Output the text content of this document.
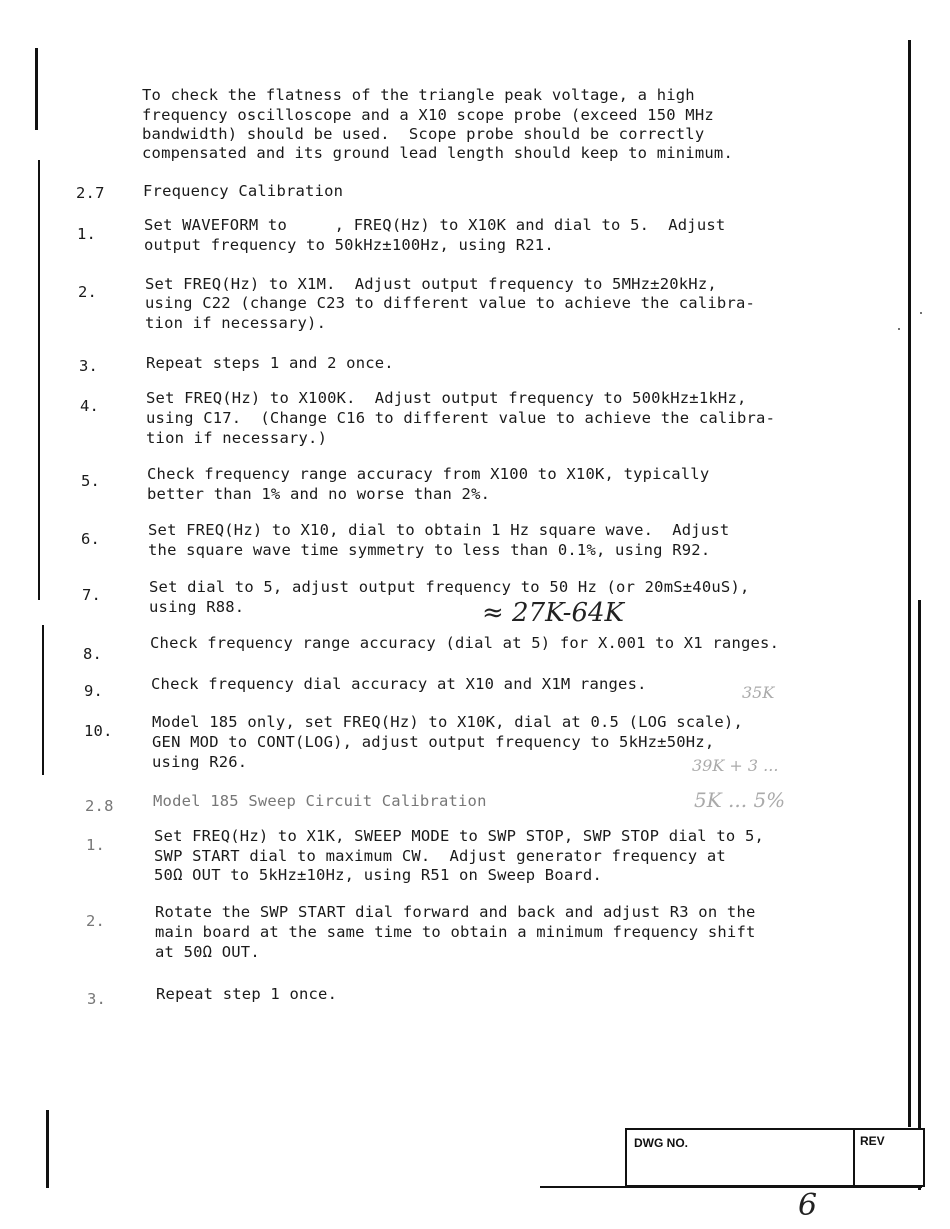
To check the flatness of the triangle peak voltage, a high
frequency oscilloscope and a X10 scope probe (exceed 150 MHz
bandwidth) should be used.  Scope probe should be correctly
compensated and its ground lead length should keep to minimum.
2.7 Frequency Calibration
1.	Set WAVEFORM to     , FREQ(Hz) to X10K and dial to 5.  Adjust
output frequency to 50kHz±100Hz, using R21.
2.	Set FREQ(Hz) to X1M.  Adjust output frequency to 5MHz±20kHz,
using C22 (change C23 to different value to achieve the calibra-
tion if necessary).
3.	Repeat steps 1 and 2 once.
4.	Set FREQ(Hz) to X100K.  Adjust output frequency to 500kHz±1kHz,
using C17.  (Change C16 to different value to achieve the calibra-
tion if necessary.)
5.	Check frequency range accuracy from X100 to X10K, typically
better than 1% and no worse than 2%.
6.	Set FREQ(Hz) to X10, dial to obtain 1 Hz square wave.  Adjust
the square wave time symmetry to less than 0.1%, using R92.
7.	Set dial to 5, adjust output frequency to 50 Hz (or 20mS±40uS),
using R88.	≈ 27K-64K
8.
Check frequency range accuracy (dial at 5) for X.001 to X1 ranges.
9.	Check frequency dial accuracy at X10 and X1M ranges.	35K
10.	Model 185 only, set FREQ(Hz) to X10K, dial at 0.5 (LOG scale),
GEN MOD to CONT(LOG), adjust output frequency to 5kHz±50Hz,
using R26.	39K + 3 ...
2.8	Model 185 Sweep Circuit Calibration	5K ... 5%
1.	Set FREQ(Hz) to X1K, SWEEP MODE to SWP STOP, SWP STOP dial to 5,
SWP START dial to maximum CW.  Adjust generator frequency at
50Ω OUT to 5kHz±10Hz, using R51 on Sweep Board.
2.	Rotate the SWP START dial forward and back and adjust R3 on the
main board at the same time to obtain a minimum frequency shift
at 50Ω OUT.
3.	Repeat step 1 once.
DWG NO.	REV
6
